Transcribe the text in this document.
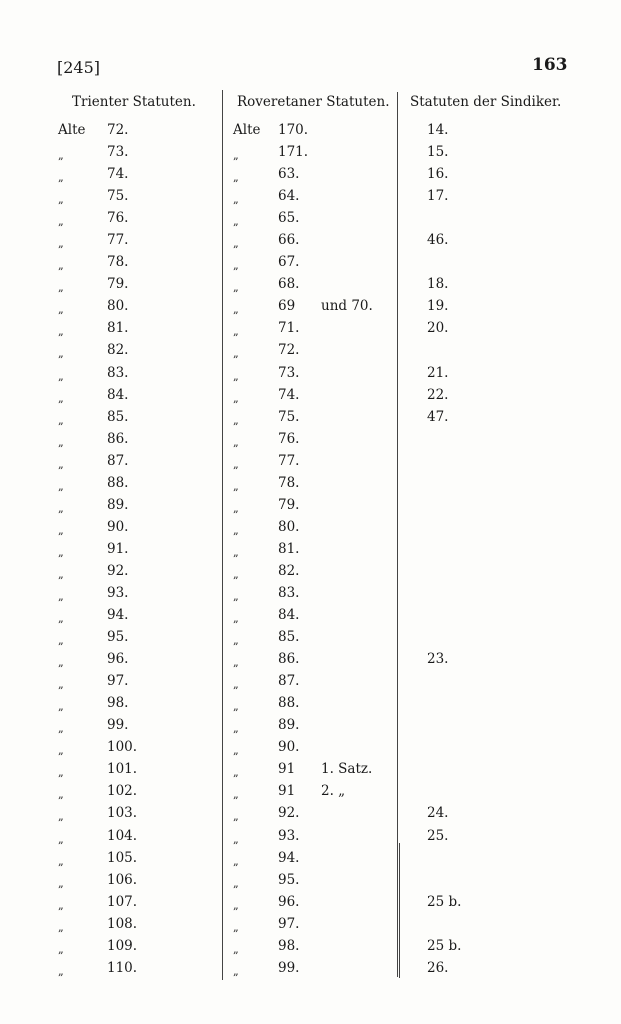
[245]	163
Trienter Statuten.	Roveretaner Statuten. Statuten der Sindiker.
Alte 72.	Alte 170.	14.
„	73.	„	171.	15.
„	74.	„	63.	16.
„	75.	„	64.	17.
„	76.	„	65.
„	77.	„	66.	46.
„	78.	„	67.
„	79.	„	68.	18.
„	80.	„	69 und 70.	19.
„	81.	„	71.	20.
„	82.	„	72.
„	83.	„	73.	21.
„	84.	„	74.	22.
„	85.	„	75.	47.
„	86.	„	76.
„	87.	„	77.
„	88.	„	78.
„	89.	„	79.
„	90.	„	80.
„	91.	„	81.
„	92.	„	82.
„	93.	„	83.
„	94.	„	84.
„	95.	„	85.
„	96.	„	86.	23.
„	97.	„	87.
„	98.	„	88.
„	99.	„	89.
„	100.	„	90.
„	101.	„	91 1. Satz.
„	102.	„	91 2. „
„	103.	„	92.	24.
„	104.	„	93.	25.
„	105.	„	94.
„	106.	„	95.
„	107.	„	96.	25 b.
„	108.	„	97.
„	109.	„	98.	25 b.
„	110.	„	99.	26.
